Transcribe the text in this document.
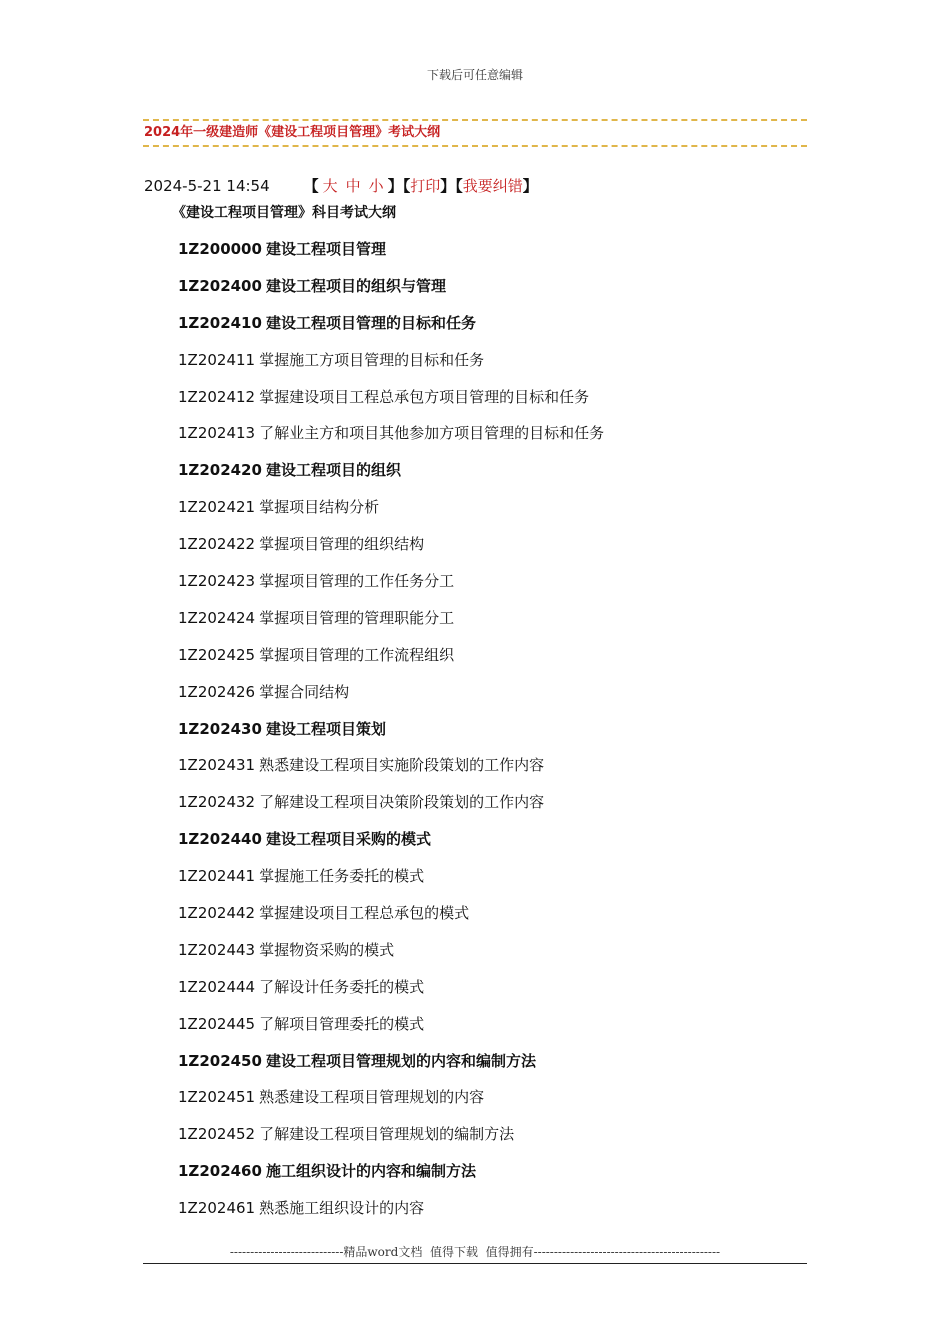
下载后可任意编辑
2024年一级建造师《建设工程项目管理》考试大纲
2024-5-21 14:54 【 大 中 小 】【打印】【我要纠错】
《建设工程项目管理》科目考试大纲
1Z200000 建设工程项目管理
1Z202400 建设工程项目的组织与管理
1Z202410 建设工程项目管理的目标和任务
1Z202411 掌握施工方项目管理的目标和任务
1Z202412 掌握建设项目工程总承包方项目管理的目标和任务
1Z202413 了解业主方和项目其他参加方项目管理的目标和任务
1Z202420 建设工程项目的组织
1Z202421 掌握项目结构分析
1Z202422 掌握项目管理的组织结构
1Z202423 掌握项目管理的工作任务分工
1Z202424 掌握项目管理的管理职能分工
1Z202425 掌握项目管理的工作流程组织
1Z202426 掌握合同结构
1Z202430 建设工程项目策划
1Z202431 熟悉建设工程项目实施阶段策划的工作内容
1Z202432 了解建设工程项目决策阶段策划的工作内容
1Z202440 建设工程项目采购的模式
1Z202441 掌握施工任务委托的模式
1Z202442 掌握建设项目工程总承包的模式
1Z202443 掌握物资采购的模式
1Z202444 了解设计任务委托的模式
1Z202445 了解项目管理委托的模式
1Z202450 建设工程项目管理规划的内容和编制方法
1Z202451 熟悉建设工程项目管理规划的内容
1Z202452 了解建设工程项目管理规划的编制方法
1Z202460 施工组织设计的内容和编制方法
1Z202461 熟悉施工组织设计的内容
----------------------------精品word文档  值得下载  值得拥有----------------------------------------------
